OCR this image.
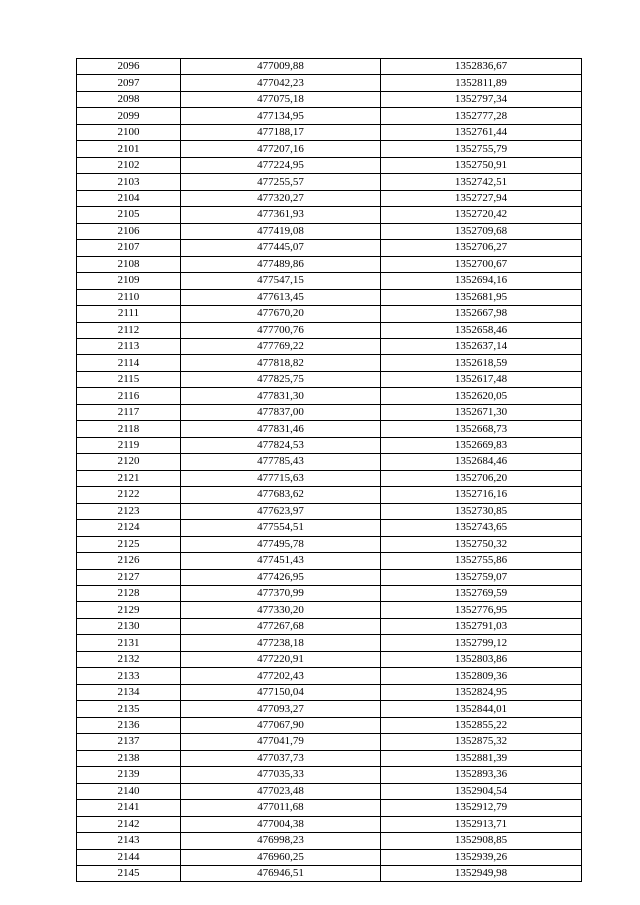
2096	477009,88	1352836,67
2097	477042,23	1352811,89
2098	477075,18	1352797,34
2099	477134,95	1352777,28
2100	477188,17	1352761,44
2101	477207,16	1352755,79
2102	477224,95	1352750,91
2103	477255,57	1352742,51
2104	477320,27	1352727,94
2105	477361,93	1352720,42
2106	477419,08	1352709,68
2107	477445,07	1352706,27
2108	477489,86	1352700,67
2109	477547,15	1352694,16
2110	477613,45	1352681,95
2111	477670,20	1352667,98
2112	477700,76	1352658,46
2113	477769,22	1352637,14
2114	477818,82	1352618,59
2115	477825,75	1352617,48
2116	477831,30	1352620,05
2117	477837,00	1352671,30
2118	477831,46	1352668,73
2119	477824,53	1352669,83
2120	477785,43	1352684,46
2121	477715,63	1352706,20
2122	477683,62	1352716,16
2123	477623,97	1352730,85
2124	477554,51	1352743,65
2125	477495,78	1352750,32
2126	477451,43	1352755,86
2127	477426,95	1352759,07
2128	477370,99	1352769,59
2129	477330,20	1352776,95
2130	477267,68	1352791,03
2131	477238,18	1352799,12
2132	477220,91	1352803,86
2133	477202,43	1352809,36
2134	477150,04	1352824,95
2135	477093,27	1352844,01
2136	477067,90	1352855,22
2137	477041,79	1352875,32
2138	477037,73	1352881,39
2139	477035,33	1352893,36
2140	477023,48	1352904,54
2141	477011,68	1352912,79
2142	477004,38	1352913,71
2143	476998,23	1352908,85
2144	476960,25	1352939,26
2145	476946,51	1352949,98
